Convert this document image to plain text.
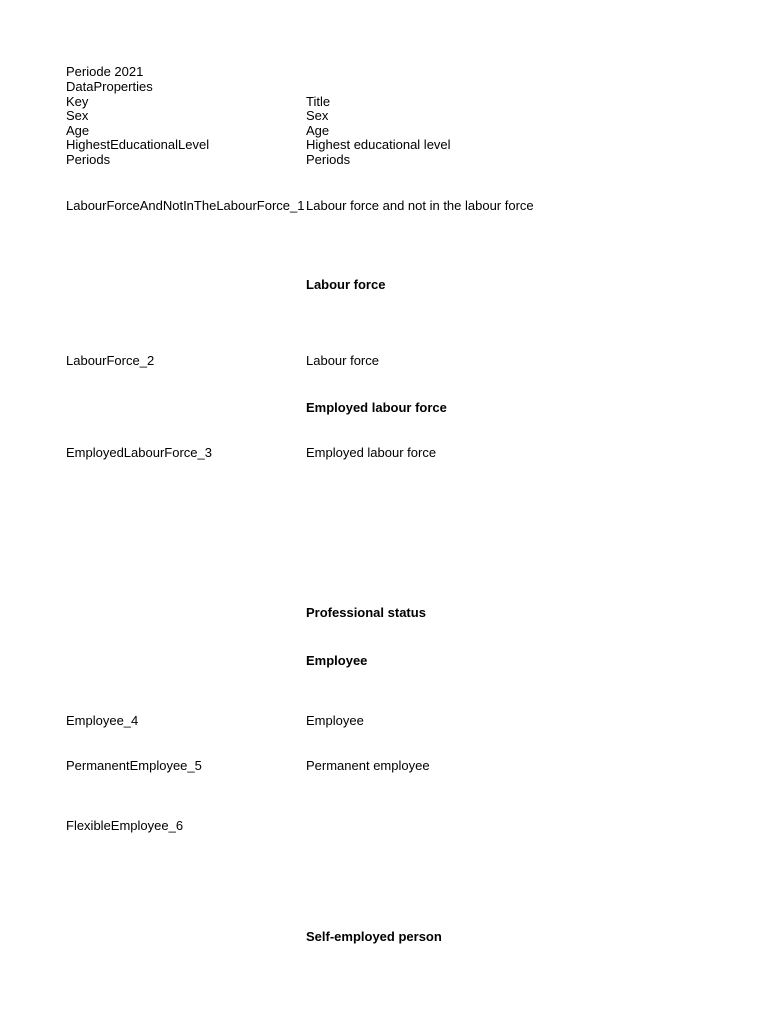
Periode 2021
DataProperties
Key	Title
Sex	Sex
Age	Age
HighestEducationalLevel	Highest educational level
Periods	Periods
LabourForceAndNotInTheLabourForce_1 Labour force and not in the labour force
Labour force
LabourForce_2	Labour force
Employed labour force
EmployedLabourForce_3	Employed labour force
Professional status
Employee
Employee_4	Employee
PermanentEmployee_5	Permanent employee
FlexibleEmployee_6
Self-employed person
